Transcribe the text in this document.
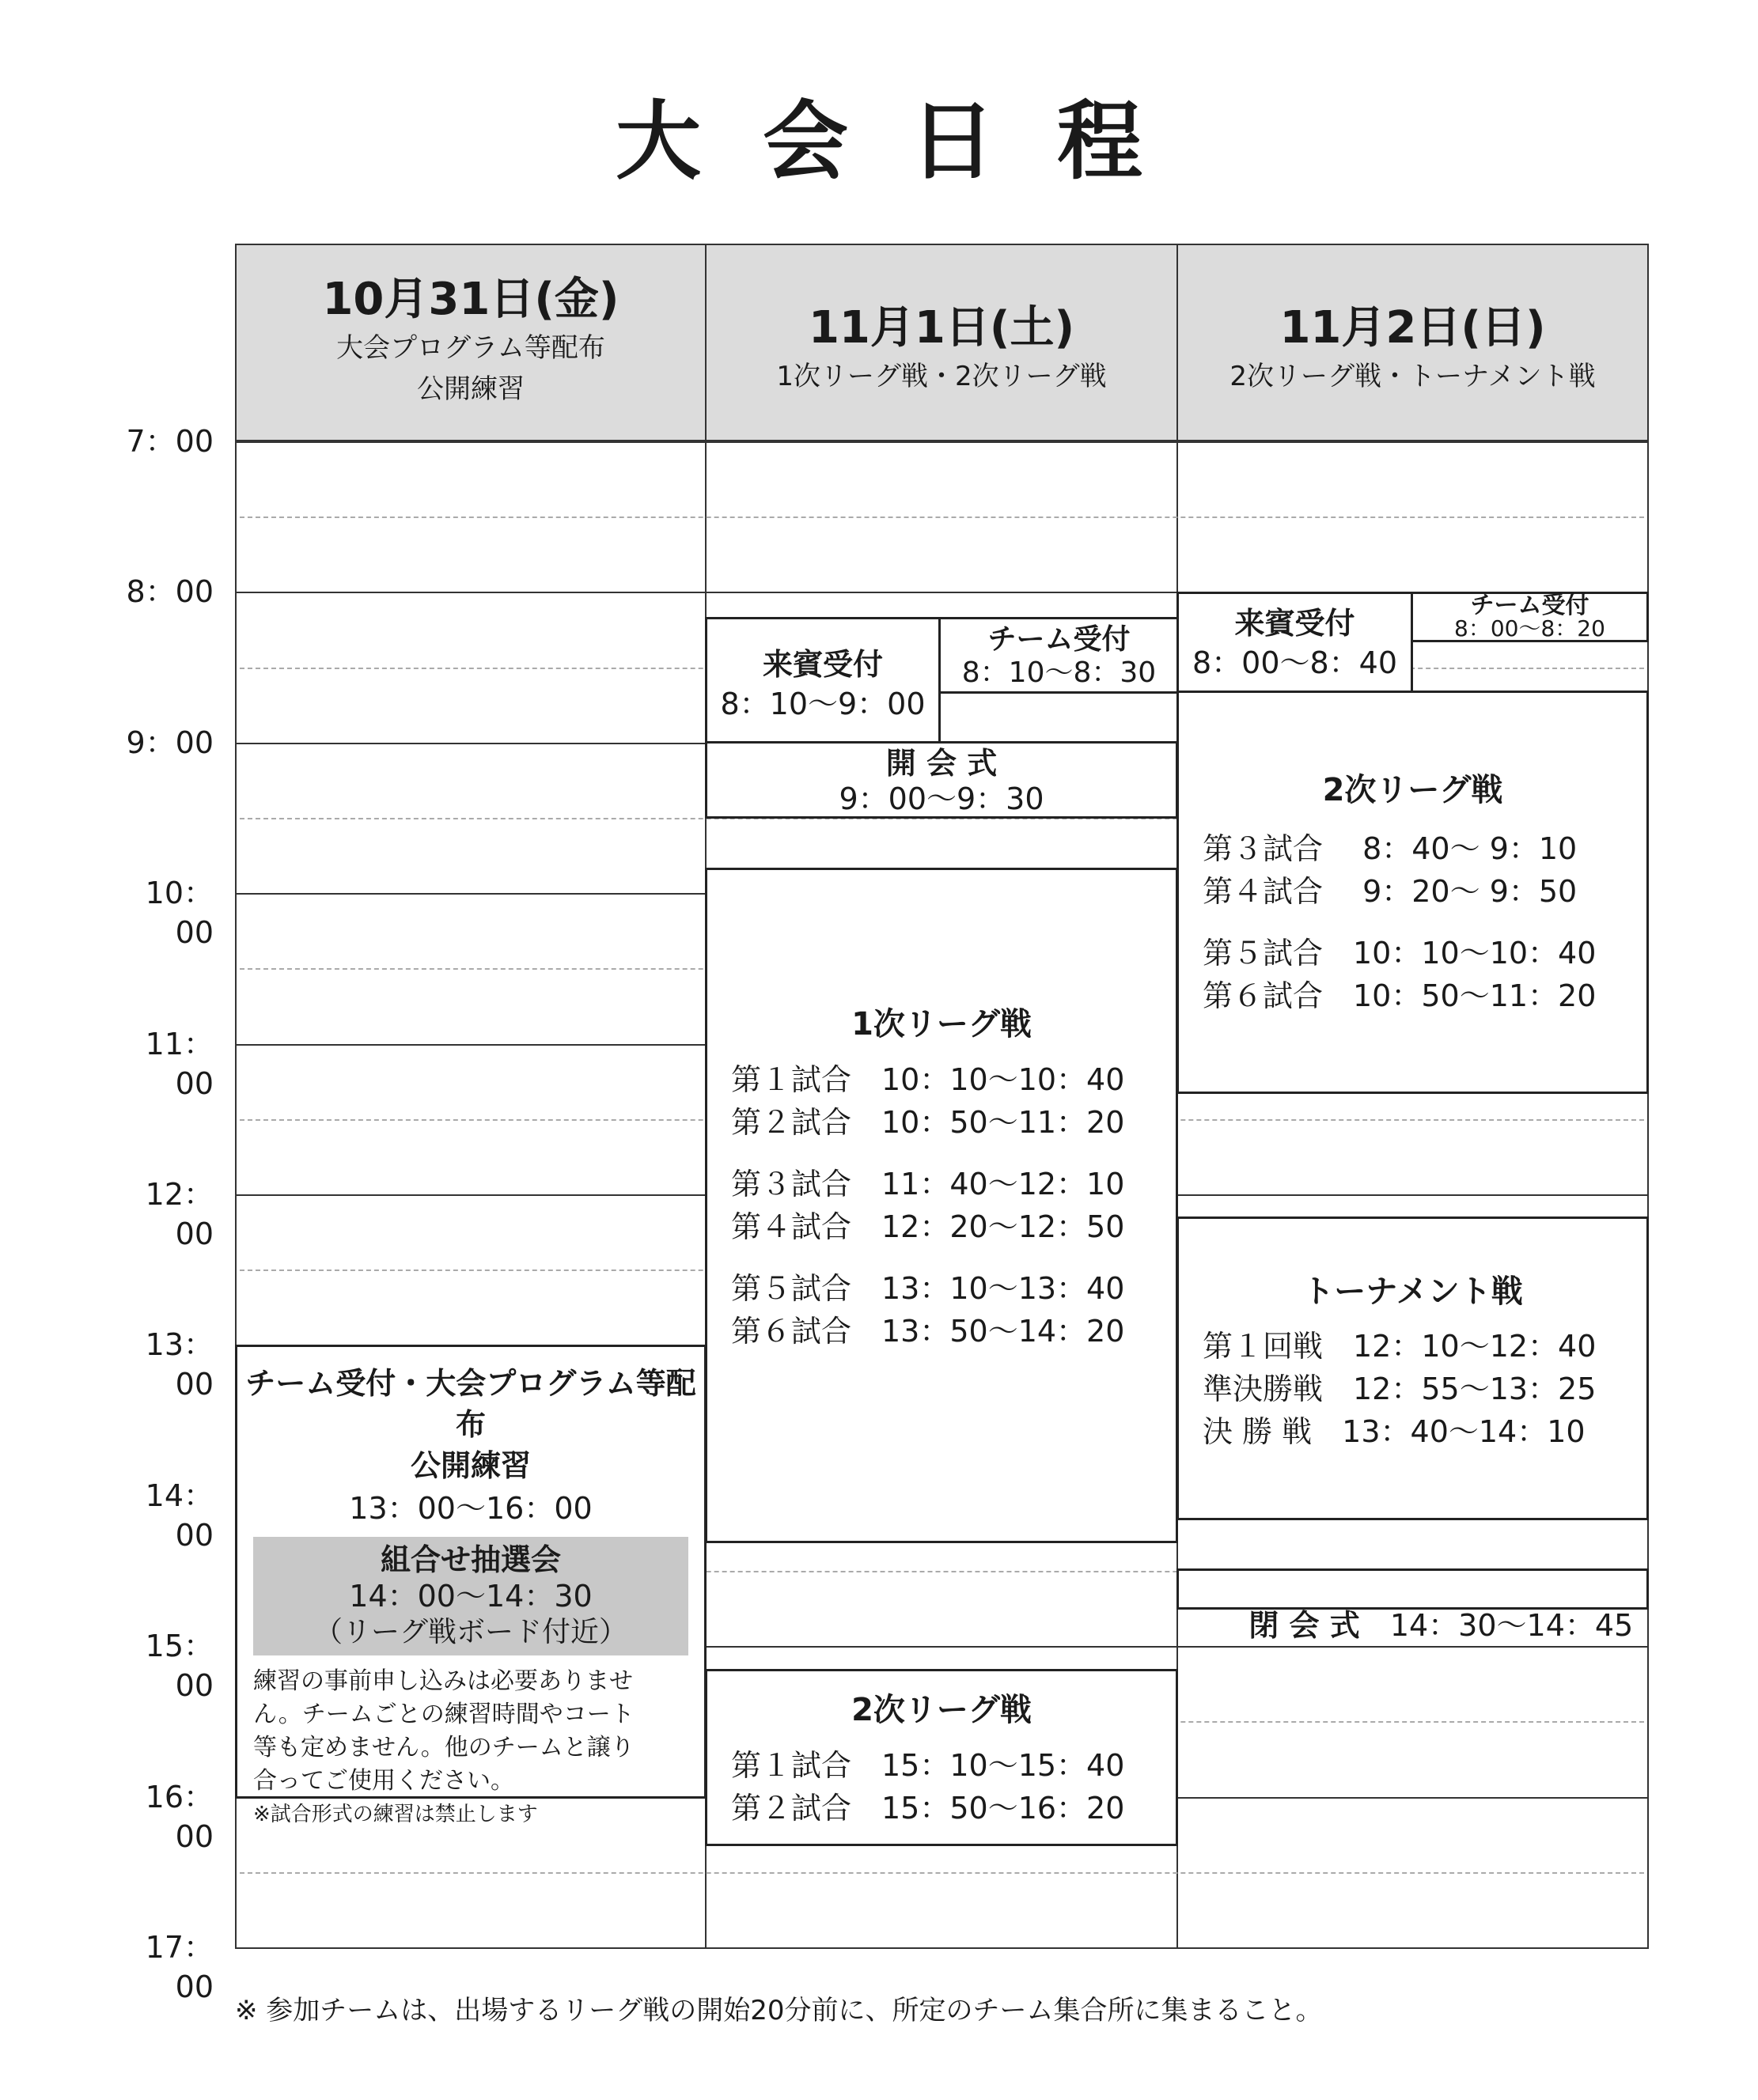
大会日程
10月31日(金)
大会プログラム等配布
公開練習
11月1日(土)
1次リーグ戦・2次リーグ戦
11月2日(日)
2次リーグ戦・トーナメント戦
7：00
8：00
9：00
10：00
11：00
12：00
13：00
14：00
15：00
16：00
17：00
チーム受付・大会プログラム等配布
公開練習
13：00〜16：00
組合せ抽選会
14：00〜14：30
（リーグ戦ボード付近）
練習の事前申し込みは必要ありませ
ん。チームごとの練習時間やコート
等も定めません。他のチームと譲り
合ってご使用ください。
※試合形式の練習は禁止します
来賓受付
8：10〜9：00
チーム受付
8：10〜8：30
開 会 式
9：00〜9：30
1次リーグ戦
第１試合　10：10〜10：40
第２試合　10：50〜11：20
第３試合　11：40〜12：10
第４試合　12：20〜12：50
第５試合　13：10〜13：40
第６試合　13：50〜14：20
2次リーグ戦
第１試合　15：10〜15：40
第２試合　15：50〜16：20
来賓受付
8：00〜8：40
チーム受付
8：00〜8：20
2次リーグ戦
第３試合　 8：40〜 9：10
第４試合　 9：20〜 9：50
第５試合　10：10〜10：40
第６試合　10：50〜11：20
トーナメント戦
第１回戦　12：10〜12：40
準決勝戦　12：55〜13：25
決 勝 戦　13：40〜14：10

閉 会 式　 14：30〜14：45

※ 参加チームは、出場するリーグ戦の開始20分前に、所定のチーム集合所に集まること。
